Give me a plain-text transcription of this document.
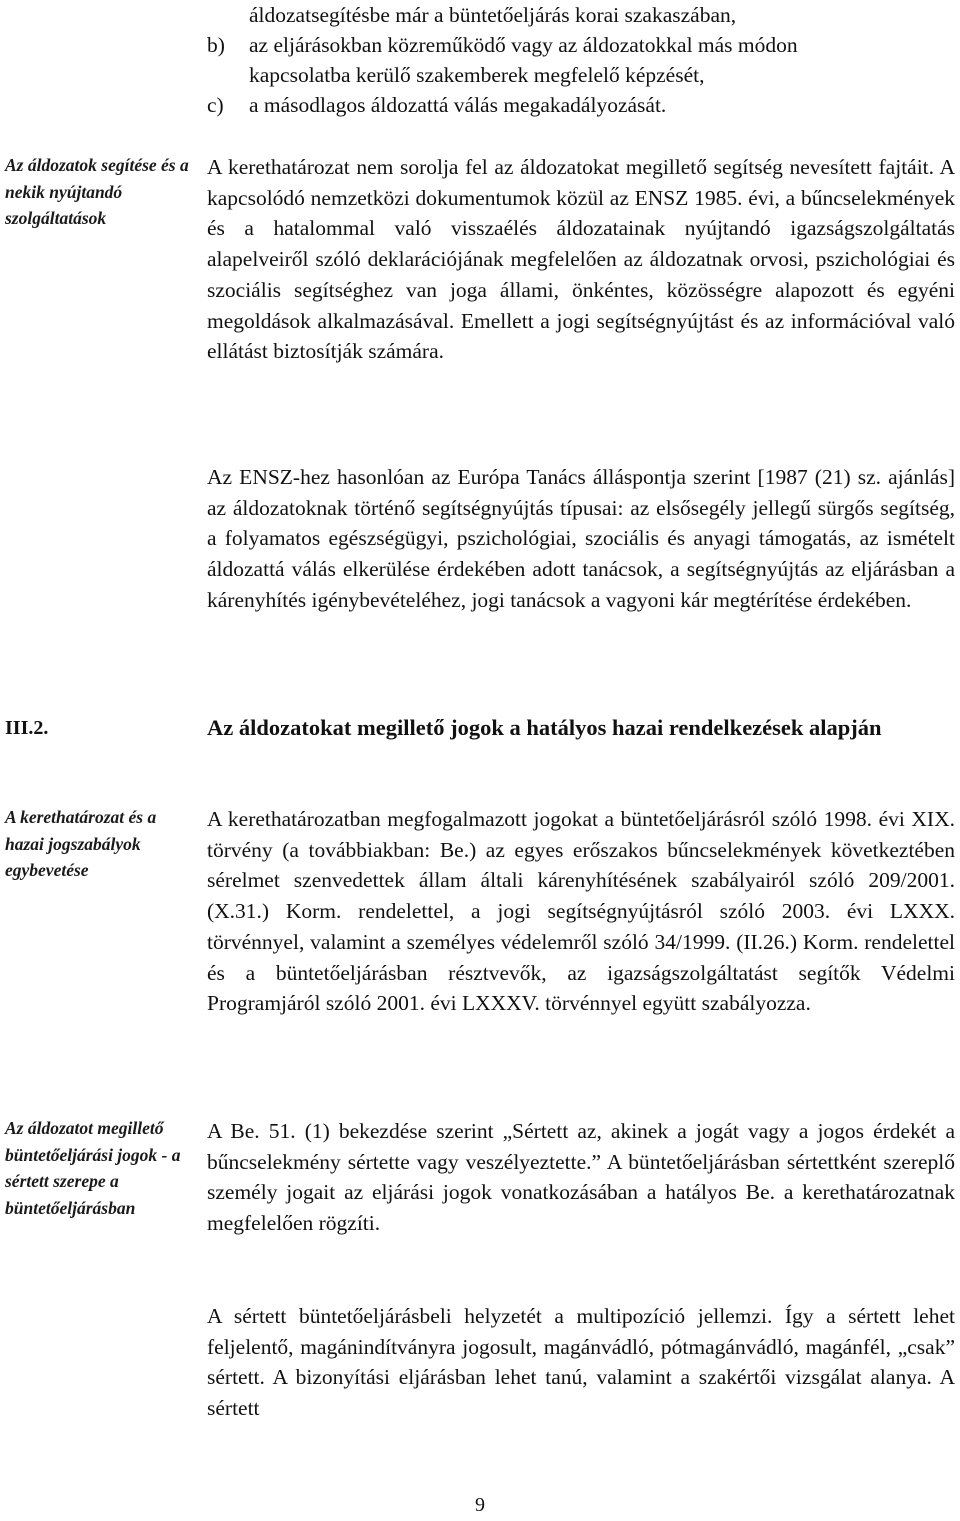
áldozatsegítésbe már a büntetőeljárás korai szakaszában,
b)	az eljárásokban közreműködő vagy az áldozatokkal más módon
kapcsolatba kerülő szakemberek megfelelő képzését,
c)	a másodlagos áldozattá válás megakadályozását.
Az áldozatok segítése és a nekik nyújtandó szolgáltatások
III.2.
A kerethatározat és a hazai jogszabályok egybevetése
Az áldozatot megillető büntetőeljárási jogok - a sértett szerepe a büntetőeljárásban
A kerethatározat nem sorolja fel az áldozatokat megillető segítség nevesített fajtáit. A kapcsolódó nemzetközi dokumentumok közül az ENSZ 1985. évi, a bűncselekmények és a hatalommal való visszaélés áldozatainak nyújtandó igazságszolgáltatás alapelveiről szóló deklarációjának megfelelően az áldozatnak orvosi, pszichológiai és szociális segítséghez van joga állami, önkéntes, közösségre alapozott és egyéni megoldások alkalmazásával. Emellett a jogi segítségnyújtást és az információval való ellátást biztosítják számára.
Az ENSZ-hez hasonlóan az Európa Tanács álláspontja szerint [1987 (21) sz. ajánlás] az áldozatoknak történő segítségnyújtás típusai: az elsősegély jellegű sürgős segítség, a folyamatos egészségügyi, pszichológiai, szociális és anyagi támogatás, az ismételt áldozattá válás elkerülése érdekében adott tanácsok, a segítségnyújtás az eljárásban a kárenyhítés igénybevételéhez, jogi tanácsok a vagyoni kár megtérítése érdekében.
Az áldozatokat megillető jogok a hatályos hazai rendelkezések alapján
A kerethatározatban megfogalmazott jogokat a büntetőeljárásról szóló 1998. évi XIX. törvény (a továbbiakban: Be.) az egyes erőszakos bűncselekmények következtében sérelmet szenvedettek állam általi kárenyhítésének szabályairól szóló 209/2001. (X.31.) Korm. rendelettel, a jogi segítségnyújtásról szóló 2003. évi LXXX. törvénnyel, valamint a személyes védelemről szóló 34/1999. (II.26.) Korm. rendelettel és a büntetőeljárásban résztvevők, az igazságszolgáltatást segítők Védelmi Programjáról szóló 2001. évi LXXXV. törvénnyel együtt szabályozza.
A Be. 51. (1) bekezdése szerint „Sértett az, akinek a jogát vagy a jogos érdekét a bűncselekmény sértette vagy veszélyeztette.” A büntetőeljárásban sértettként szereplő személy jogait az eljárási jogok vonatkozásában a hatályos Be. a kerethatározatnak megfelelően rögzíti.
A sértett büntetőeljárásbeli helyzetét a multipozíció jellemzi. Így a sértett lehet feljelentő, magánindítványra jogosult, magánvádló, pótmagánvádló, magánfél, „csak” sértett. A bizonyítási eljárásban lehet tanú, valamint a szakértői vizsgálat alanya. A sértett
9
